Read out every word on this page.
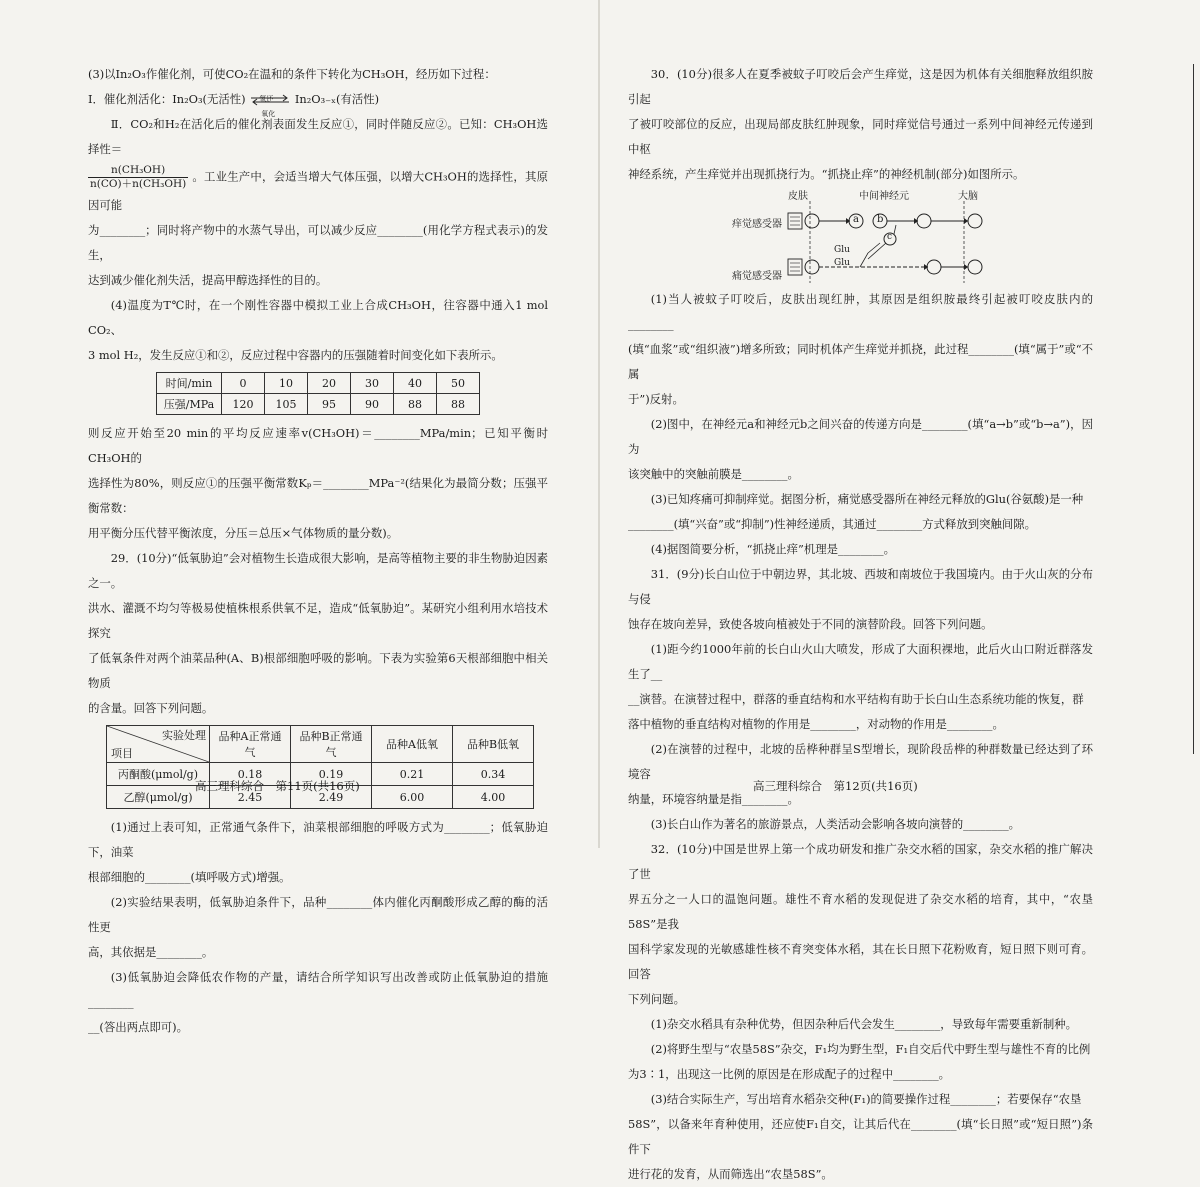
(3)以In₂O₃作催化剂，可使CO₂在温和的条件下转化为CH₃OH，经历如下过程：

Ⅰ．催化剂活化：In₂O₃(无活性) 氢还
氧化
In₂O₃₋ₓ(有活性)

Ⅱ．CO₂和H₂在活化后的催化剂表面发生反应①，同时伴随反应②。已知：CH₃OH选择性＝

$\frac{\text{n(CH₃OH)}}{\text{n(CO)＋n(CH₃OH)}}$ 。工业生产中，会适当增大气体压强，以增大CH₃OH的选择性，其原因可能

为________；同时将产物中的水蒸气导出，可以减少反应________(用化学方程式表示)的发生，

达到减少催化剂失活，提高甲醇选择性的目的。

(4)温度为T℃时，在一个刚性容器中模拟工业上合成CH₃OH，往容器中通入1 mol CO₂、

3 mol H₂，发生反应①和②，反应过程中容器内的压强随着时间变化如下表所示。

时间/min	0	10	20	30	40	50
压强/MPa	120	105	95	90	88	88

则反应开始至20 min的平均反应速率v(CH₃OH)＝________MPa/min；已知平衡时CH₃OH的

选择性为80%，则反应①的压强平衡常数Kₚ＝________MPa⁻²(结果化为最简分数；压强平衡常数：

用平衡分压代替平衡浓度，分压＝总压×气体物质的量分数)。

29．(10分)“低氧胁迫”会对植物生长造成很大影响，是高等植物主要的非生物胁迫因素之一。

洪水、灌溉不均匀等极易使植株根系供氧不足，造成“低氧胁迫”。某研究小组利用水培技术探究

了低氧条件对两个油菜品种(A、B)根部细胞呼吸的影响。下表为实验第6天根部细胞中相关物质

的含量。回答下列问题。

实验处理
项目	品种A正常通气	品种B正常通气	品种A低氧	品种B低氧
丙酮酸(μmol/g)	0.18	0.19	0.21	0.34
乙醇(μmol/g)	2.45	2.49	6.00	4.00

(1)通过上表可知，正常通气条件下，油菜根部细胞的呼吸方式为________；低氧胁迫下，油菜

根部细胞的________(填呼吸方式)增强。

(2)实验结果表明，低氧胁迫条件下，品种________体内催化丙酮酸形成乙醇的酶的活性更

高，其依据是________。

(3)低氧胁迫会降低农作物的产量，请结合所学知识写出改善或防止低氧胁迫的措施________

__(答出两点即可)。

高三理科综合　第11页(共16页)

30．(10分)很多人在夏季被蚊子叮咬后会产生痒觉，这是因为机体有关细胞释放组织胺引起

了被叮咬部位的反应，出现局部皮肤红肿现象，同时痒觉信号通过一系列中间神经元传递到中枢

神经系统，产生痒觉并出现抓挠行为。“抓挠止痒”的神经机制(部分)如图所示。

皮肤	中间神经元	大脑
痒觉感受器
痛觉感受器
a b
c
Glu
Glu

(1)当人被蚊子叮咬后，皮肤出现红肿，其原因是组织胺最终引起被叮咬皮肤内的________

(填“血浆”或“组织液”)增多所致；同时机体产生痒觉并抓挠，此过程________(填“属于”或“不属

于”)反射。

(2)图中，在神经元a和神经元b之间兴奋的传递方向是________(填“a→b”或“b→a”)，因为

该突触中的突触前膜是________。

(3)已知疼痛可抑制痒觉。据图分析，痛觉感受器所在神经元释放的Glu(谷氨酸)是一种

________(填“兴奋”或“抑制”)性神经递质，其通过________方式释放到突触间隙。

(4)据图简要分析，“抓挠止痒”机理是________。

31．(9分)长白山位于中朝边界，其北坡、西坡和南坡位于我国境内。由于火山灰的分布与侵

蚀存在坡向差异，致使各坡向植被处于不同的演替阶段。回答下列问题。

(1)距今约1000年前的长白山火山大喷发，形成了大面积裸地，此后火山口附近群落发生了__

__演替。在演替过程中，群落的垂直结构和水平结构有助于长白山生态系统功能的恢复，群

落中植物的垂直结构对植物的作用是________，对动物的作用是________。

(2)在演替的过程中，北坡的岳桦种群呈S型增长，现阶段岳桦的种群数量已经达到了环境容

纳量，环境容纳量是指________。

(3)长白山作为著名的旅游景点，人类活动会影响各坡向演替的________。

32．(10分)中国是世界上第一个成功研发和推广杂交水稻的国家，杂交水稻的推广解决了世

界五分之一人口的温饱问题。雄性不育水稻的发现促进了杂交水稻的培育，其中，“农垦58S”是我

国科学家发现的光敏感雄性核不育突变体水稻，其在长日照下花粉败育，短日照下则可育。回答

下列问题。

(1)杂交水稻具有杂种优势，但因杂种后代会发生________，导致每年需要重新制种。

(2)将野生型与“农垦58S”杂交，F₁均为野生型，F₁自交后代中野生型与雄性不育的比例

为3∶1，出现这一比例的原因是在形成配子的过程中________。

(3)结合实际生产，写出培育水稻杂交种(F₁)的简要操作过程________；若要保存“农垦

58S”，以备来年育种使用，还应使F₁自交，让其后代在________(填“长日照”或“短日照”)条件下

进行花的发育，从而筛选出“农垦58S”。

高三理科综合　第12页(共16页)
